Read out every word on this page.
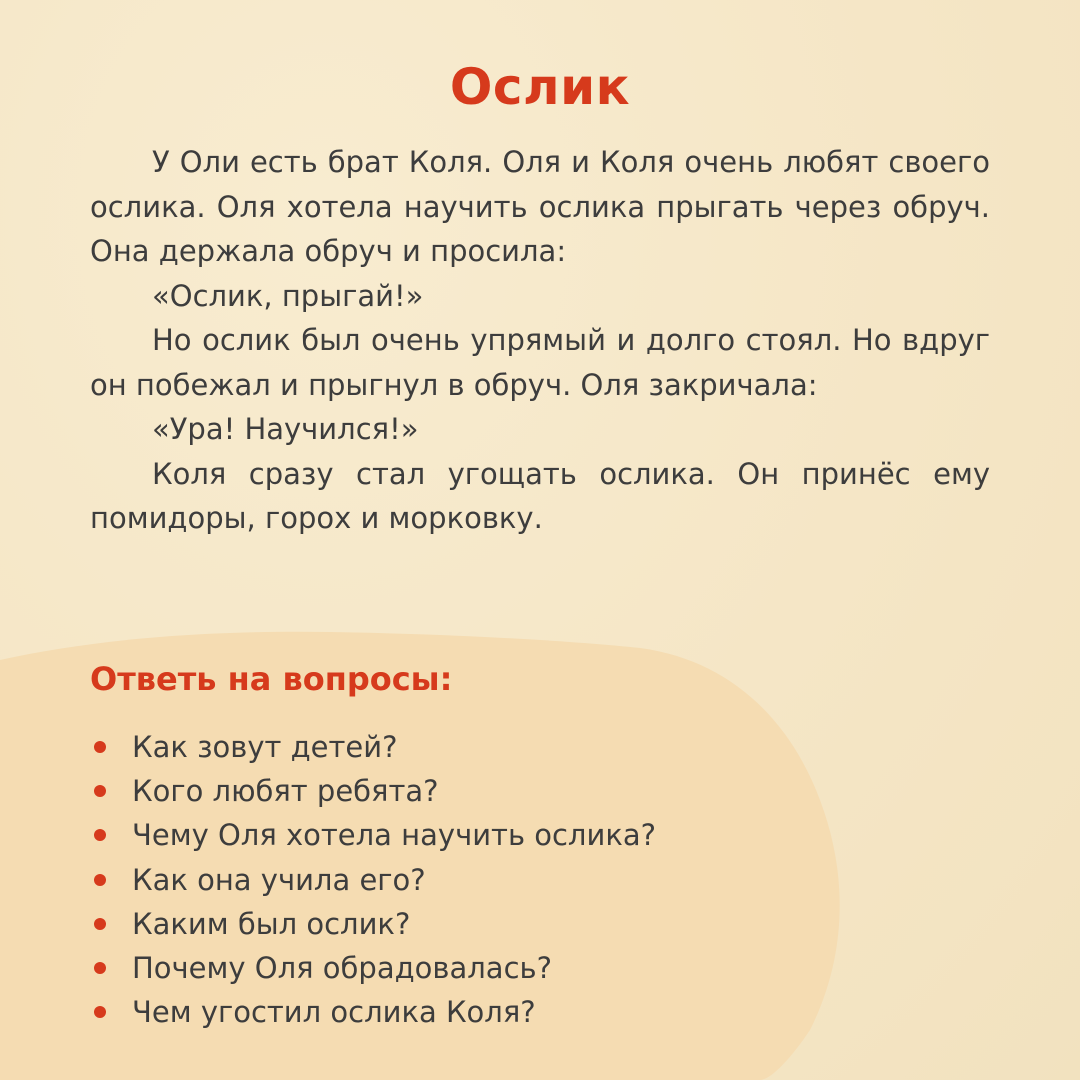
Ослик

У Оли есть брат Коля. Оля и Коля очень любят своего ослика. Оля хотела научить ослика прыгать через обруч. Она держала обруч и просила:

«Ослик, прыгай!»

Но ослик был очень упрямый и долго стоял. Но вдруг он побежал и прыгнул в обруч. Оля закричала:

«Ура! Научился!»

Коля сразу стал угощать ослика. Он принёс ему помидоры, горох и морковку.

Ответь на вопросы:
Как зовут детей?
Кого любят ребята?
Чему Оля хотела научить ослика?
Как она учила его?
Каким был ослик?
Почему Оля обрадовалась?
Чем угостил ослика Коля?
